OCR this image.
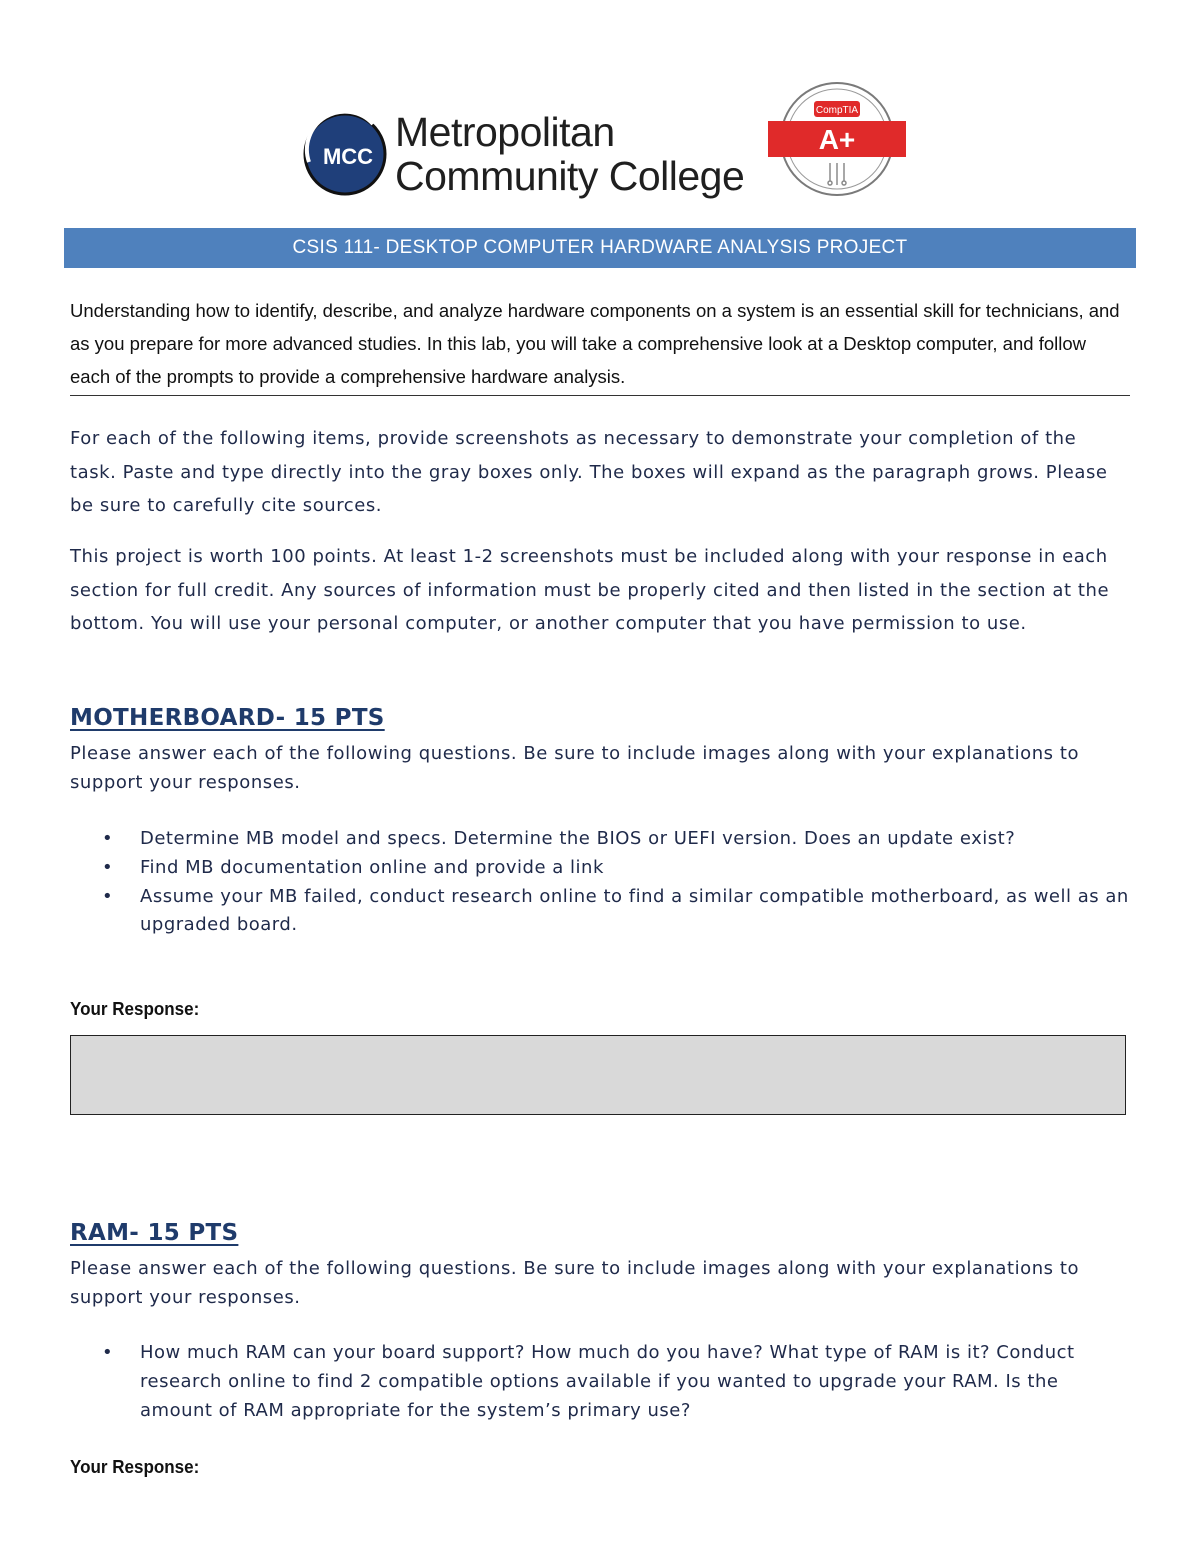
MCC
Metropolitan
Community College
CompTIA
A+
CSIS 111- DESKTOP COMPUTER HARDWARE ANALYSIS PROJECT
Understanding how to identify, describe, and analyze hardware components on a system is an essential skill for technicians, and as you prepare for more advanced studies. In this lab, you will take a comprehensive look at a Desktop computer, and follow each of the prompts to provide a comprehensive hardware analysis.

For each of the following items, provide screenshots as necessary to demonstrate your completion of the task. Paste and type directly into the gray boxes only. The boxes will expand as the paragraph grows. Please be sure to carefully cite sources.

This project is worth 100 points. At least 1-2 screenshots must be included along with your response in each section for full credit. Any sources of information must be properly cited and then listed in the section at the bottom. You will use your personal computer, or another computer that you have permission to use.

MOTHERBOARD- 15 PTS

Please answer each of the following questions. Be sure to include images along with your explanations to support your responses.

• Determine MB model and specs. Determine the BIOS or UEFI version. Does an update exist?
• Find MB documentation online and provide a link
• Assume your MB failed, conduct research online to find a similar compatible motherboard, as well as an upgraded board.
Your Response:
RAM- 15 PTS

Please answer each of the following questions. Be sure to include images along with your explanations to support your responses.

• How much RAM can your board support? How much do you have? What type of RAM is it? Conduct research online to find 2 compatible options available if you wanted to upgrade your RAM. Is the amount of RAM appropriate for the system’s primary use?
Your Response:
